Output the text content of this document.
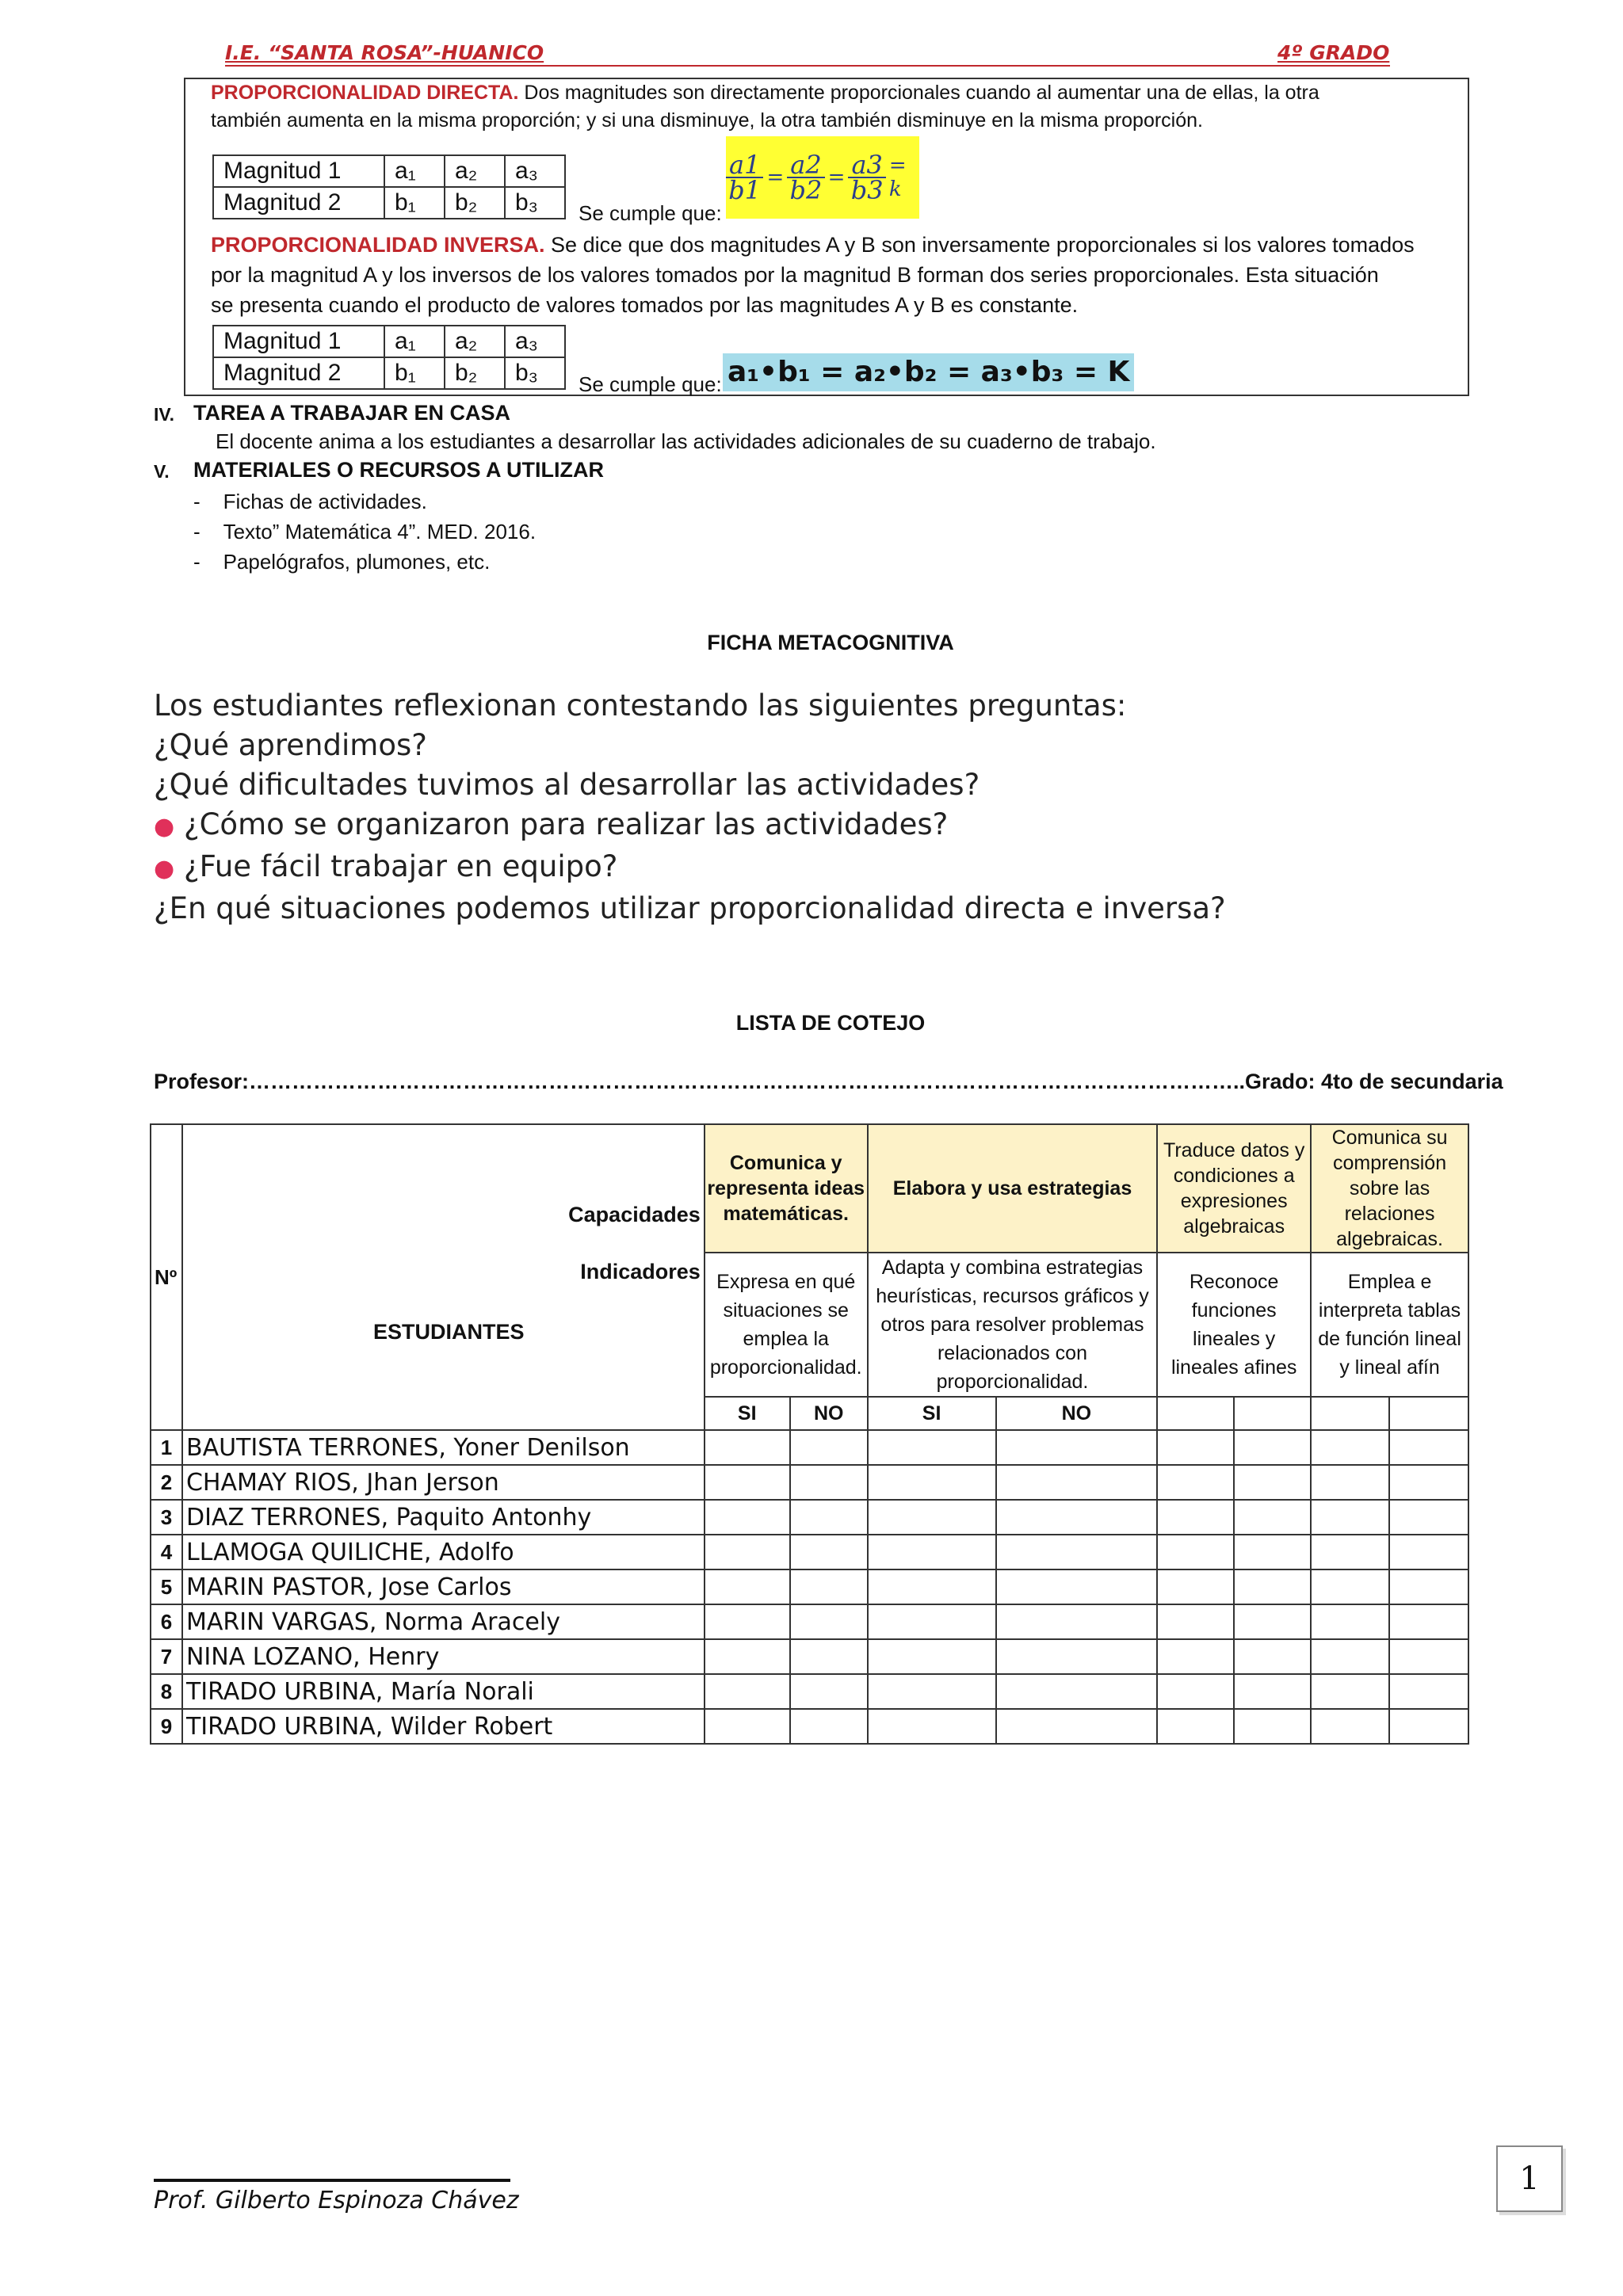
I.E. “SANTA ROSA”-HUANICO	4º GRADO
PROPORCIONALIDAD DIRECTA. Dos magnitudes son directamente proporcionales cuando al aumentar una de ellas, la otra
también aumenta en la misma proporción; y si una disminuye, la otra también disminuye en la misma proporción.
Magnitud 1	a₁	a₂	a₃
Magnitud 2	b₁	b₂	b₃ Se cumple que:
$\frac{a1}{b1} = \frac{a2}{b2} = \frac{a3}{b3} = k$
PROPORCIONALIDAD INVERSA. Se dice que dos magnitudes A y B son inversamente proporcionales si los valores tomados
por la magnitud A y los inversos de los valores tomados por la magnitud B forman dos series proporcionales. Esta situación
se presenta cuando el producto de valores tomados por las magnitudes A y B es constante.
Magnitud 1	a₁	a₂	a₃
Magnitud 2	b₁	b₂	b₃ Se cumple que: a₁•b₁ = a₂•b₂ = a₃•b₃ = K
IV. TAREA A TRABAJAR EN CASA
El docente anima a los estudiantes a desarrollar las actividades adicionales de su cuaderno de trabajo.
V. MATERIALES O RECURSOS A UTILIZAR
-    Fichas de actividades.
-    Texto” Matemática 4”. MED. 2016.
-    Papelógrafos, plumones, etc.
FICHA METACOGNITIVA
Los estudiantes reflexionan contestando las siguientes preguntas:
¿Qué aprendimos?
¿Qué dificultades tuvimos al desarrollar las actividades?
● ¿Cómo se organizaron para realizar las actividades?
● ¿Fue fácil trabajar en equipo?
¿En qué situaciones podemos utilizar proporcionalidad directa e inversa?
LISTA DE COTEJO
Profesor:…………………………………………………………………………………………………………………………..Grado: 4to de secundaria
Nº	Capacidades
Indicadores
ESTUDIANTES	Comunica y representa ideas matemáticas.		Elabora y usa estrategias		Traduce datos y condiciones a expresiones algebraicas		Comunica su comprensión sobre las relaciones algebraicas.	
		Expresa en qué situaciones se emplea la proporcionalidad.		Adapta y combina estrategias heurísticas, recursos gráficos y otros para resolver problemas relacionados con proporcionalidad.		Reconoce funciones lineales y lineales afines		Emplea e interpreta tablas de función lineal y lineal afín	
		SI	NO	SI	NO				
1	BAUTISTA TERRONES, Yoner Denilson								
2	CHAMAY RIOS, Jhan Jerson								
3	DIAZ TERRONES, Paquito Antonhy								
4	LLAMOGA QUILICHE, Adolfo								
5	MARIN PASTOR, Jose Carlos								
6	MARIN VARGAS, Norma Aracely								
7	NINA LOZANO, Henry								
8	TIRADO URBINA, María Norali								
9	TIRADO URBINA, Wilder Robert								
Prof. Gilberto Espinoza Chávez
1
